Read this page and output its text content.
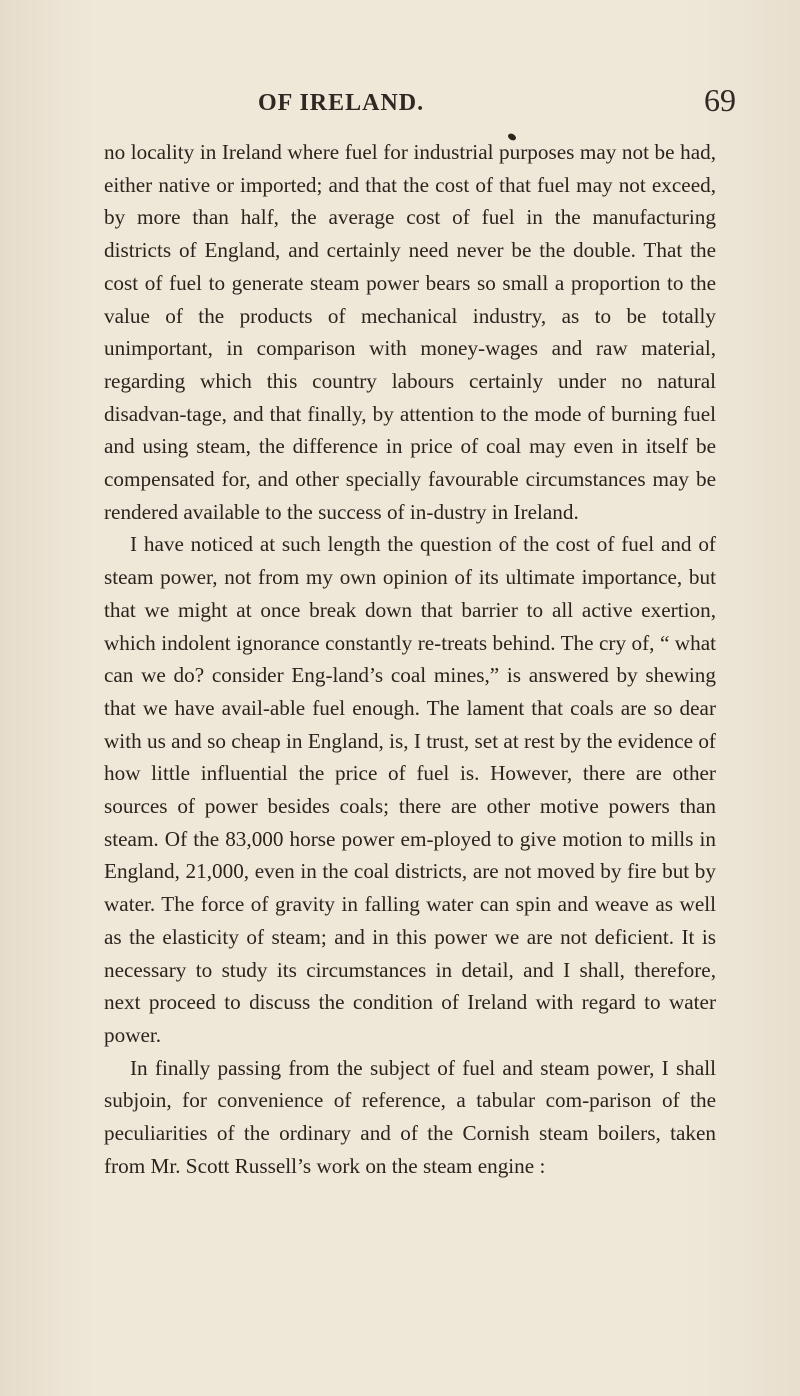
OF IRELAND.	69

no locality in Ireland where fuel for industrial purposes may not be had, either native or imported; and that the cost of that fuel may not exceed, by more than half, the average cost of fuel in the manufacturing districts of England, and certainly need never be the double. That the cost of fuel to generate steam power bears so small a proportion to the value of the products of mechanical industry, as to be totally unimportant, in comparison with money-wages and raw material, regarding which this country labours certainly under no natural disadvan-tage, and that finally, by attention to the mode of burning fuel and using steam, the difference in price of coal may even in itself be compensated for, and other specially favourable circumstances may be rendered available to the success of in-dustry in Ireland.

I have noticed at such length the question of the cost of fuel and of steam power, not from my own opinion of its ultimate importance, but that we might at once break down that barrier to all active exertion, which indolent ignorance constantly re-treats behind. The cry of, “ what can we do? consider Eng-land’s coal mines,” is answered by shewing that we have avail-able fuel enough. The lament that coals are so dear with us and so cheap in England, is, I trust, set at rest by the evidence of how little influential the price of fuel is. However, there are other sources of power besides coals; there are other motive powers than steam. Of the 83,000 horse power em-ployed to give motion to mills in England, 21,000, even in the coal districts, are not moved by fire but by water. The force of gravity in falling water can spin and weave as well as the elasticity of steam; and in this power we are not deficient. It is necessary to study its circumstances in detail, and I shall, therefore, next proceed to discuss the condition of Ireland with regard to water power.

In finally passing from the subject of fuel and steam power, I shall subjoin, for convenience of reference, a tabular com-parison of the peculiarities of the ordinary and of the Cornish steam boilers, taken from Mr. Scott Russell’s work on the steam engine :
